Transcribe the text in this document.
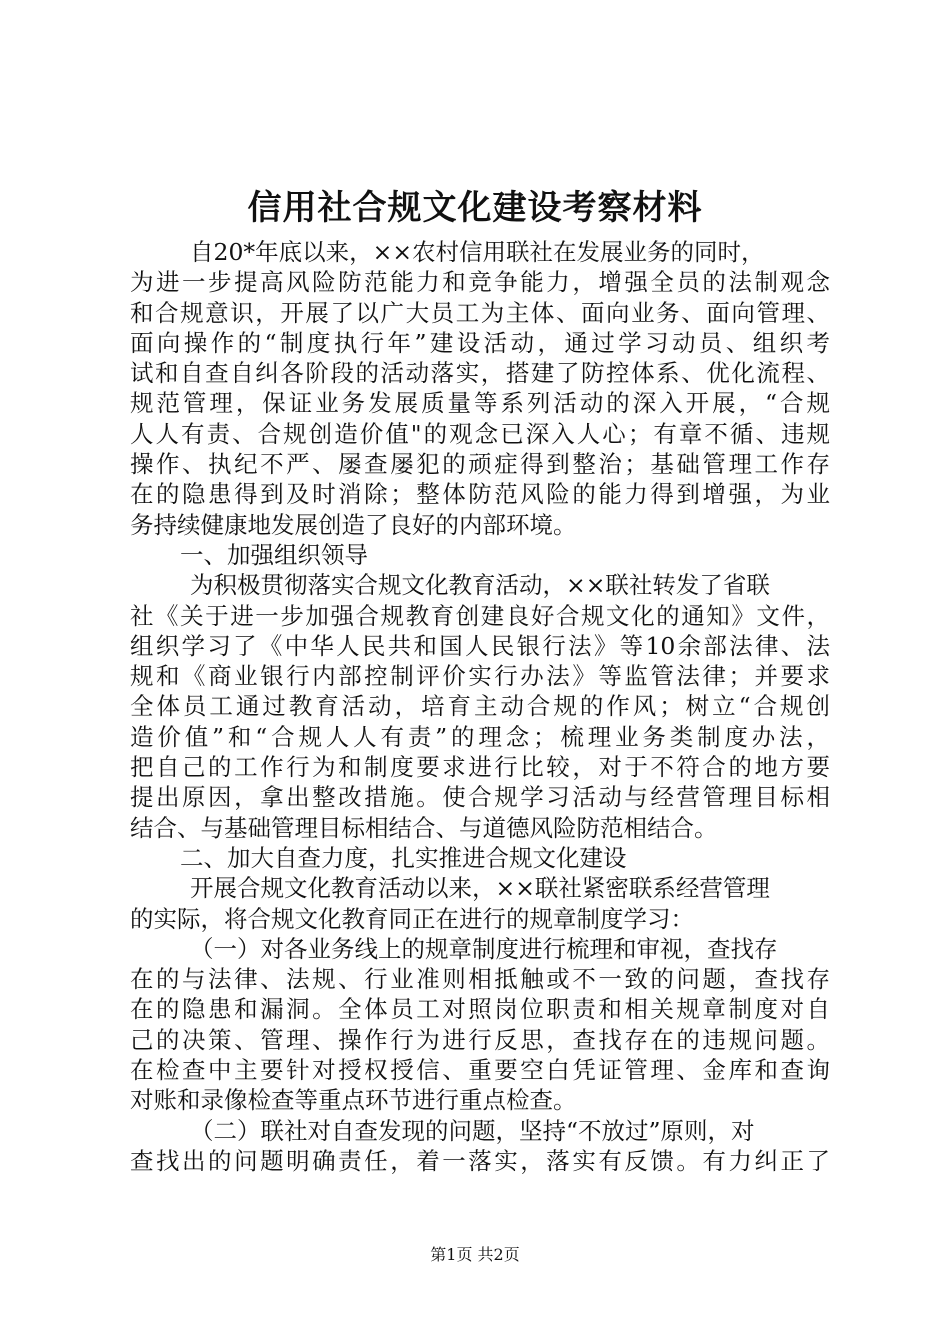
信用社合规文化建设考察材料
自20*年底以来，××农村信用联社在发展业务的同时，
为进一步提高风险防范能力和竞争能力，增强全员的法制观念
和合规意识，开展了以广大员工为主体、面向业务、面向管理、
面向操作的“制度执行年”建设活动，通过学习动员、组织考
试和自查自纠各阶段的活动落实，搭建了防控体系、优化流程、
规范管理，保证业务发展质量等系列活动的深入开展，“合规
人人有责、合规创造价值"的观念已深入人心；有章不循、违规
操作、执纪不严、屡查屡犯的顽症得到整治；基础管理工作存
在的隐患得到及时消除；整体防范风险的能力得到增强，为业
务持续健康地发展创造了良好的内部环境。
一、加强组织领导
为积极贯彻落实合规文化教育活动，××联社转发了省联
社《关于进一步加强合规教育创建良好合规文化的通知》文件，
组织学习了《中华人民共和国人民银行法》等10余部法律、法
规和《商业银行内部控制评价实行办法》等监管法律；并要求
全体员工通过教育活动，培育主动合规的作风；树立“合规创
造价值”和“合规人人有责”的理念；梳理业务类制度办法，
把自己的工作行为和制度要求进行比较，对于不符合的地方要
提出原因，拿出整改措施。使合规学习活动与经营管理目标相
结合、与基础管理目标相结合、与道德风险防范相结合。
二、加大自查力度，扎实推进合规文化建设
开展合规文化教育活动以来，××联社紧密联系经营管理
的实际，将合规文化教育同正在进行的规章制度学习：
（一）对各业务线上的规章制度进行梳理和审视，查找存
在的与法律、法规、行业准则相抵触或不一致的问题，查找存
在的隐患和漏洞。全体员工对照岗位职责和相关规章制度对自
己的决策、管理、操作行为进行反思，查找存在的违规问题。
在检查中主要针对授权授信、重要空白凭证管理、金库和查询
对账和录像检查等重点环节进行重点检查。
（二）联社对自查发现的问题，坚持“不放过”原则，对
查找出的问题明确责任，着一落实，落实有反馈。有力纠正了
第1页 共2页
